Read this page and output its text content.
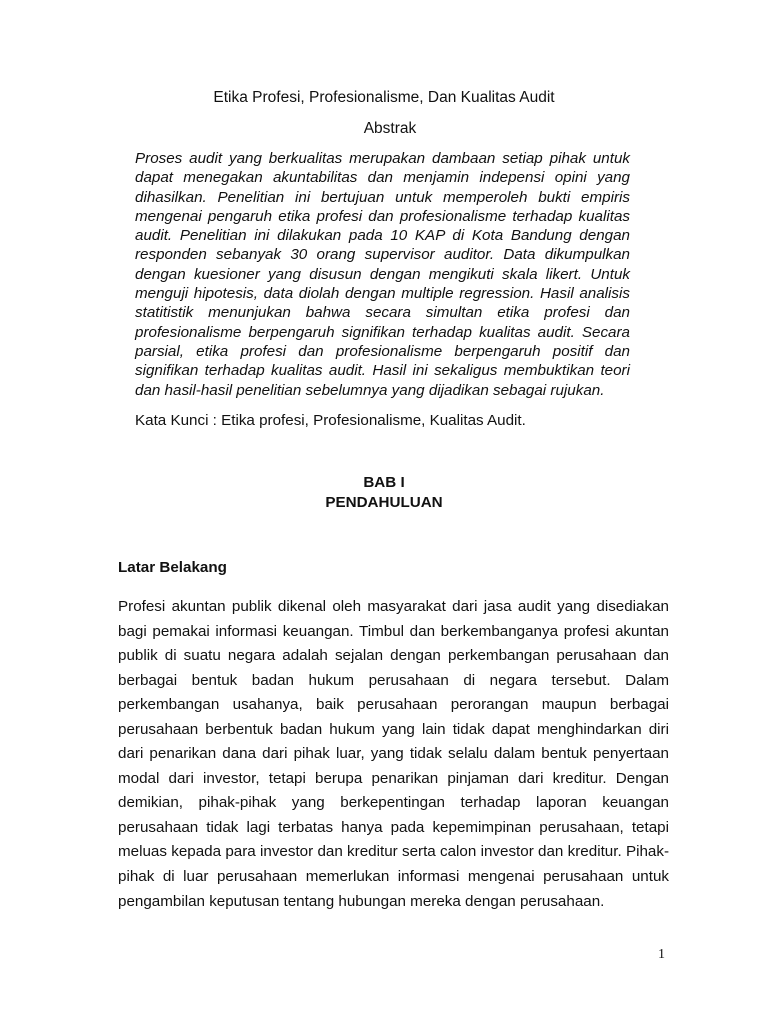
Etika Profesi, Profesionalisme, Dan Kualitas Audit
Abstrak

Proses audit yang berkualitas merupakan dambaan setiap pihak untuk dapat menegakan akuntabilitas dan menjamin indepensi opini yang dihasilkan. Penelitian ini bertujuan untuk memperoleh bukti empiris mengenai pengaruh etika profesi dan profesionalisme terhadap kualitas audit. Penelitian ini dilakukan pada 10 KAP di Kota Bandung dengan responden sebanyak 30 orang supervisor auditor. Data dikumpulkan dengan kuesioner yang disusun dengan mengikuti skala likert. Untuk menguji hipotesis, data diolah dengan multiple regression. Hasil analisis statitistik menunjukan bahwa secara simultan etika profesi dan profesionalisme berpengaruh signifikan terhadap kualitas audit. Secara parsial, etika profesi dan profesionalisme berpengaruh positif dan signifikan terhadap kualitas audit. Hasil ini sekaligus membuktikan teori dan hasil-hasil penelitian sebelumnya yang dijadikan sebagai rujukan.

Kata Kunci : Etika profesi, Profesionalisme, Kualitas Audit.

BAB I
PENDAHULUAN
Latar Belakang

Profesi akuntan publik dikenal oleh masyarakat dari jasa audit yang disediakan bagi pemakai informasi keuangan. Timbul dan berkembanganya profesi akuntan publik di suatu negara adalah sejalan dengan perkembangan perusahaan dan berbagai bentuk badan hukum perusahaan di negara tersebut. Dalam perkembangan usahanya, baik perusahaan perorangan maupun berbagai perusahaan berbentuk badan hukum yang lain tidak dapat menghindarkan diri dari penarikan dana dari pihak luar, yang tidak selalu dalam bentuk penyertaan modal dari investor, tetapi berupa penarikan pinjaman dari kreditur. Dengan demikian, pihak-pihak yang berkepentingan terhadap laporan keuangan perusahaan tidak lagi terbatas hanya pada kepemimpinan perusahaan, tetapi meluas kepada para investor dan kreditur serta calon investor dan kreditur. Pihak-pihak di luar perusahaan memerlukan informasi mengenai perusahaan untuk pengambilan keputusan tentang hubungan mereka dengan perusahaan.

1
